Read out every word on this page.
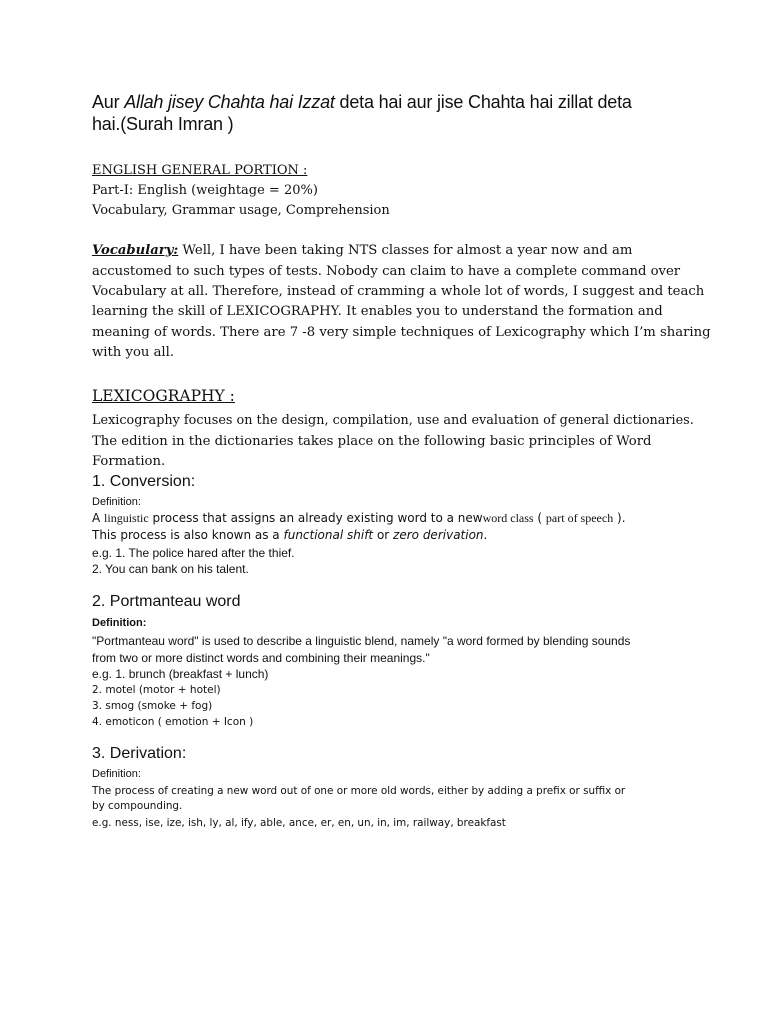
Aur Allah jisey Chahta hai Izzat deta hai aur jise Chahta hai zillat deta
hai.(Surah Imran )
ENGLISH GENERAL PORTION :
Part-I: English (weightage = 20%)
Vocabulary, Grammar usage, Comprehension
Vocabulary: Well, I have been taking NTS classes for almost a year now and am
accustomed to such types of tests. Nobody can claim to have a complete command over
Vocabulary at all. Therefore, instead of cramming a whole lot of words, I suggest and teach
learning the skill of LEXICOGRAPHY. It enables you to understand the formation and
meaning of words. There are 7 -8 very simple techniques of Lexicography which I’m sharing
with you all.
LEXICOGRAPHY :
Lexicography focuses on the design, compilation, use and evaluation of general dictionaries.
The edition in the dictionaries takes place on the following basic principles of Word
Formation.
1. Conversion:
Definition:
A linguistic process that assigns an already existing word to a newword class ( part of speech ).
This process is also known as a functional shift or zero derivation.
e.g. 1. The police hared after the thief.
2. You can bank on his talent.
2. Portmanteau word
Definition:
"Portmanteau word" is used to describe a linguistic blend, namely "a word formed by blending sounds
from two or more distinct words and combining their meanings."
e.g. 1. brunch (breakfast + lunch)
2. motel (motor + hotel)
3. smog (smoke + fog)
4. emoticon ( emotion + Icon )
3. Derivation:
Definition:
The process of creating a new word out of one or more old words, either by adding a prefix or suffix or
by compounding.
e.g. ness, ise, ize, ish, ly, al, ify, able, ance, er, en, un, in, im, railway, breakfast
